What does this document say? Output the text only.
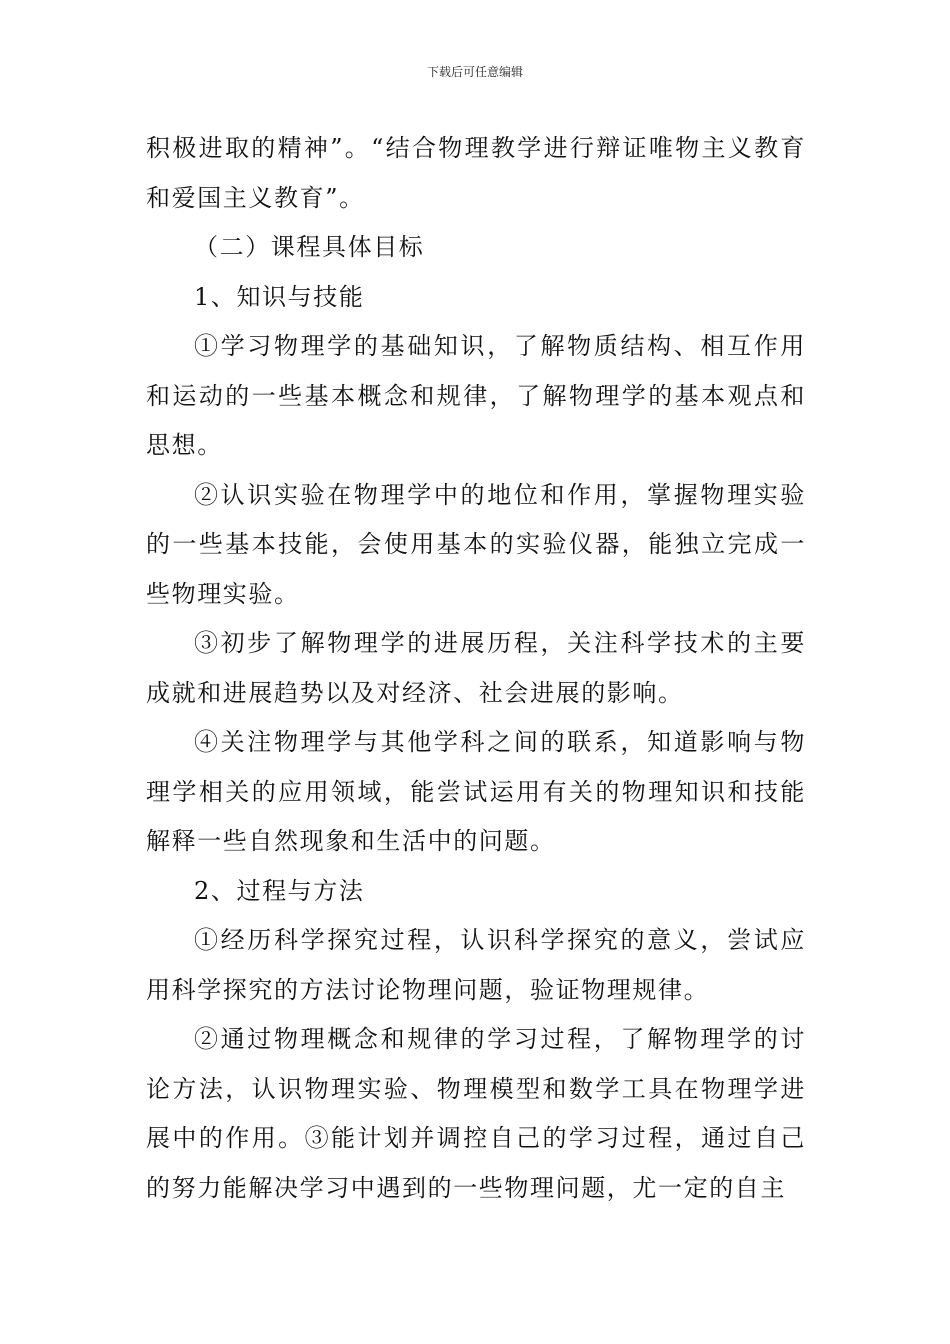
下载后可任意编辑

积极进取的精神”。“结合物理教学进行辩证唯物主义教育和爱国主义教育”。

（二）课程具体目标

1、知识与技能

①学习物理学的基础知识，了解物质结构、相互作用和运动的一些基本概念和规律，了解物理学的基本观点和思想。

②认识实验在物理学中的地位和作用，掌握物理实验的一些基本技能，会使用基本的实验仪器，能独立完成一些物理实验。

③初步了解物理学的进展历程，关注科学技术的主要成就和进展趋势以及对经济、社会进展的影响。

④关注物理学与其他学科之间的联系，知道影响与物理学相关的应用领域，能尝试运用有关的物理知识和技能解释一些自然现象和生活中的问题。

2、过程与方法

①经历科学探究过程，认识科学探究的意义，尝试应用科学探究的方法讨论物理问题，验证物理规律。

②通过物理概念和规律的学习过程，了解物理学的讨论方法，认识物理实验、物理模型和数学工具在物理学进展中的作用。③能计划并调控自己的学习过程，通过自己的努力能解决学习中遇到的一些物理问题，尤一定的自主
